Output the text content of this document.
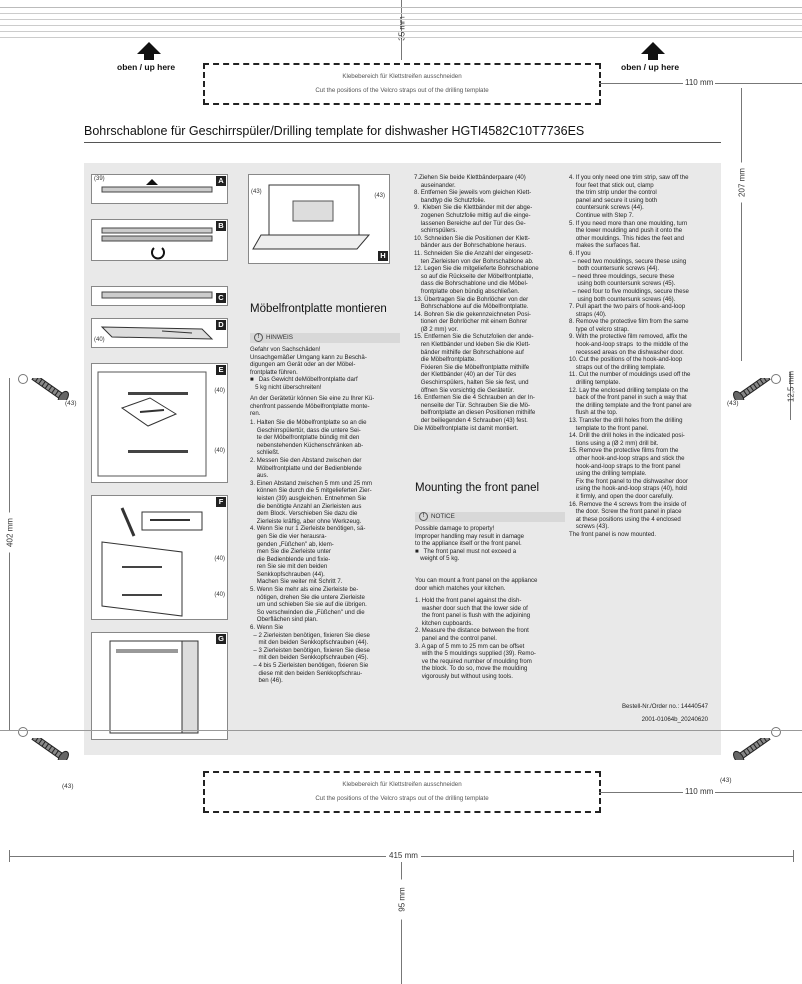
35 mm
oben / up here	oben / up here
Klebebereich für Klettstreifen ausschneiden
Cut the positions of the Velcro straps out of the drilling template
110 mm
Bohrschablone für Geschirrspüler/Drilling template for dishwasher HGTI4582C10T7736ES
207 mm
12,5 mm
402 mm
(43)	(43)
(43)
(43)
A
(39)
B
C
D
(40)
E
(40)
(40)
F
(40)
(40)
G
H
(43)
(43)
Möbelfrontplatte montieren
! HINWEIS
Gefahr von Sachschäden!
Unsachgemäßer Umgang kann zu Beschä-
digungen am Gerät oder an der Möbel-
frontplatte führen.
■   Das Gewicht deMöbelfrontplatte darf
5 kg nicht überschreiten!
An der Gerätetür können Sie eine zu Ihrer Kü-
chenfront passende Möbelfrontplatte monte-
ren.
1. Halten Sie die Möbelfrontplatte so an die
Geschirrspülertür, dass die untere Sei-
te der Möbelfrontplatte bündig mit den
nebenstehenden Küchenschränken ab-
schließt.
2. Messen Sie den Abstand zwischen der
Möbelfrontplatte und der Bedienblende
aus.
3. Einen Abstand zwischen 5 mm und 25 mm
können Sie durch die 5 mitgelieferten Zier-
leisten (39) ausgleichen. Entnehmen Sie
die benötigte Anzahl an Zierleisten aus
dem Block. Verschieben Sie dazu die
Zierleiste kräftig, aber ohne Werkzeug.
4. Wenn Sie nur 1 Zierleiste benötigen, sä-
gen Sie die vier herausra-
genden „Füßchen" ab, klem-
men Sie die Zierleiste unter
die Bedienblende und fixie-
ren Sie sie mit den beiden
Senkkopfschrauben (44).
Machen Sie weiter mit Schritt 7.
5. Wenn Sie mehr als eine Zierleiste be-
nötigen, drehen Sie die untere Zierleiste
um und schieben Sie sie auf die übrigen.
So verschwinden die „Füßchen" und die
Oberflächen sind plan.
6. Wenn Sie
– 2 Zierleisten benötigen, fixieren Sie diese
mit den beiden Senkkopfschrauben (44).
– 3 Zierleisten benötigen, fixieren Sie diese
mit den beiden Senkkopfschrauben (45).
– 4 bis 5 Zierleisten benötigen, fixieren Sie
diese mit den beiden Senkkopfschrau-
ben (46).
7.Ziehen Sie beide Klettbänderpaare (40)
auseinander.
8. Entfernen Sie jeweils vom gleichen Klett-
bandtyp die Schutzfolie.
9.  Kleben Sie die Klettbänder mit der abge-
zogenen Schutzfolie mittig auf die einge-
lassenen Bereiche auf der Tür des Ge-
schirrspülers.
10. Schneiden Sie die Positionen der Klett-
bänder aus der Bohrschablone heraus.
11. Schneiden Sie die Anzahl der eingesetz-
ten Zierleisten von der Bohrschablone ab.
12. Legen Sie die mitgelieferte Bohrschablone
so auf die Rückseite der Möbelfrontplatte,
dass die Bohrschablone und die Möbel-
frontplatte oben bündig abschließen.
13. Übertragen Sie die Bohrlöcher von der
Bohrschablone auf die Möbelfrontplatte.
14. Bohren Sie die gekennzeichneten Posi-
tionen der Bohrlöcher mit einem Bohrer
(Ø 2 mm) vor.
15. Entfernen Sie die Schutzfolien der ande-
ren Klettbänder und kleben Sie die Klett-
bänder mithilfe der Bohrschablone auf
die Möbelfrontplatte.
Fixieren Sie die Möbelfrontplatte mithilfe
der Klettbänder (40) an der Tür des
Geschirrspülers, halten Sie sie fest, und
öffnen Sie vorsichtig die Gerätetür.
16. Entfernen Sie die 4 Schrauben an der In-
nenseite der Tür. Schrauben Sie die Mö-
belfrontplatte an diesen Positionen mithilfe
der beiliegenden 4 Schrauben (43) fest.
Die Möbelfrontplatte ist damit montiert.
Mounting the front panel
! NOTICE
Possible damage to property!
Improper handling may result in damage
to the appliance itself or the front panel.
■   The front panel must not exceed a
weight of 5 kg.
You can mount a front panel on the appliance
door which matches your kitchen.
1. Hold the front panel against the dish-
washer door such that the lower side of
the front panel is flush with the adjoining
kitchen cupboards.
2. Measure the distance between the front
panel and the control panel.
3. A gap of 5 mm to 25 mm can be offset
with the 5 mouldings supplied (39). Remo-
ve the required number of moulding from
the block. To do so, move the moulding
vigorously but without using tools.
4. If you only need one trim strip, saw off the
four feet that stick out, clamp
the trim strip under the control
panel and secure it using both
countersunk screws (44).
Continue with Step 7.
5. If you need more than one moulding, turn
the lower moulding and push it onto the
other mouldings. This hides the feet and
makes the surfaces flat.
6. If you
– need two mouldings, secure these using
both countersunk screws (44).
– need three mouldings, secure these
using both countersunk screws (45).
– need four to five mouldings, secure these
using both countersunk screws (46).
7. Pull apart the two pairs of hook-and-loop
straps (40).
8. Remove the protective film from the same
type of velcro strap.
9. With the protective film removed, affix the
hook-and-loop straps  to the middle of the
recessed areas on the dishwasher door.
10. Cut the positions of the hook-and-loop
straps out of the drilling template.
11. Cut the number of mouldings used off the
drilling template.
12. Lay the enclosed drilling template on the
back of the front panel in such a way that
the drilling template and the front panel are
flush at the top.
13. Transfer the drill holes from the drilling
template to the front panel.
14. Drill the drill holes in the indicated posi-
tions using a (Ø 2 mm) drill bit.
15. Remove the protective films from the
other hook-and-loop straps and stick the
hook-and-loop straps to the front panel
using the drilling template.
Fix the front panel to the dishwasher door
using the hook-and-loop straps (40), hold
it firmly, and open the door carefully.
16. Remove the 4 screws from the inside of
the door. Screw the front panel in place
at these positions using the 4 enclosed
screws (43).
The front panel is now mounted.
Bestell-Nr./Order no.: 14440547
2001-01064b_20240620
Klebebereich für Klettstreifen ausschneiden
Cut the positions of the Velcro straps out of the drilling template
110 mm
415 mm
95 mm
